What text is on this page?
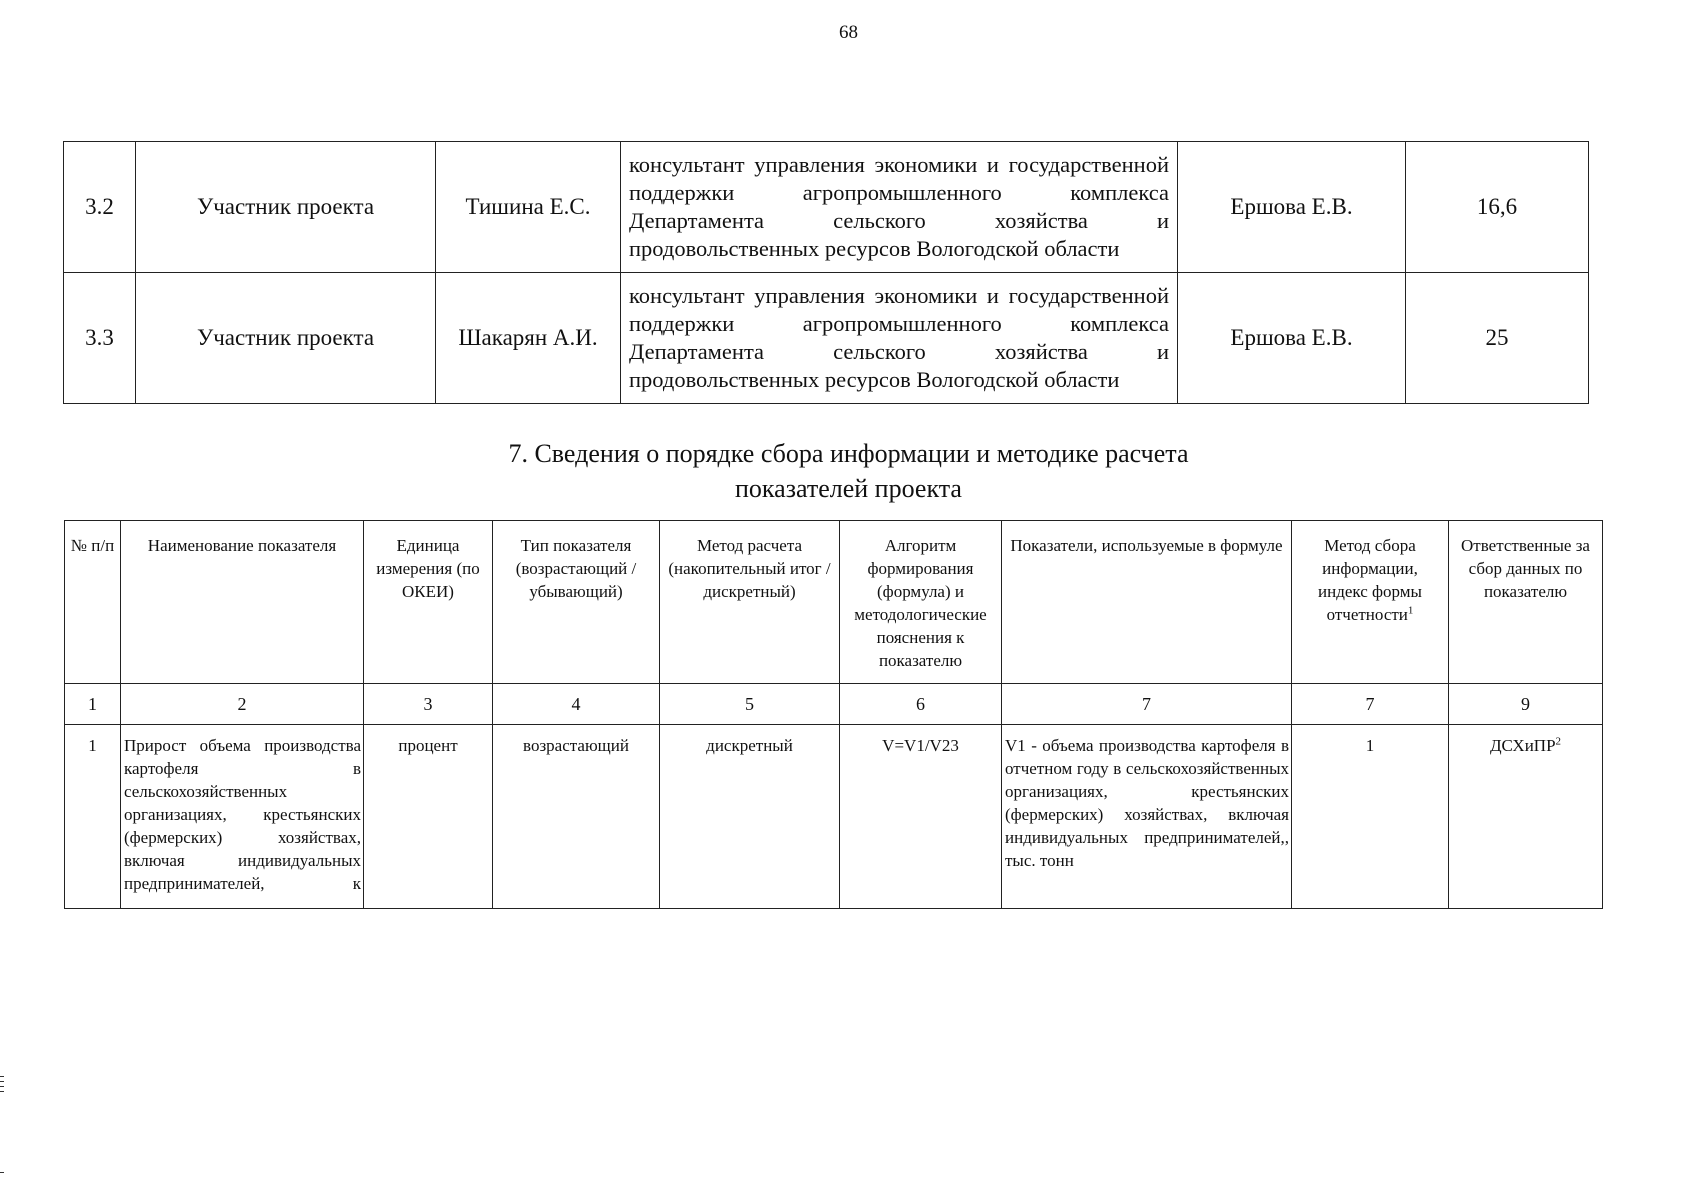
68
3.2	Участник проекта	Тишина Е.С.	консультант управления экономики и государственной поддержки агропромышленного комплекса Департамента сельского хозяйства и продовольственных ресурсов Вологодской области	Ершова Е.В.	16,6
3.3	Участник проекта	Шакарян А.И.	консультант управления экономики и государственной поддержки агропромышленного комплекса Департамента сельского хозяйства и продовольственных ресурсов Вологодской области	Ершова Е.В.	25
7. Сведения о порядке сбора информации и методике расчета
показателей проекта
№ п/п	Наименование показателя	Единица измерения (по ОКЕИ)	Тип показателя (возрастающий / убывающий)	Метод расчета (накопительный итог / дискретный)	Алгоритм формирования (формула) и методологические пояснения к показателю	Показатели, используемые в формуле	Метод сбора информации, индекс формы отчетности$^1$	Ответственные за сбор данных по показателю
1	2	3	4	5	6	7	7	9
1	Прирост объема производства картофеля в сельскохозяйственных организациях, крестьянских (фермерских) хозяйствах, включая индивидуальных предпринимателей, к	процент	возрастающий	дискретный	V=V1/V23	V1 - объема производства картофеля в отчетном году в сельскохозяйственных организациях, крестьянских (фермерских) хозяйствах, включая индивидуальных предпринимателей,, тыс. тонн	1	ДСХиПР$^2$
